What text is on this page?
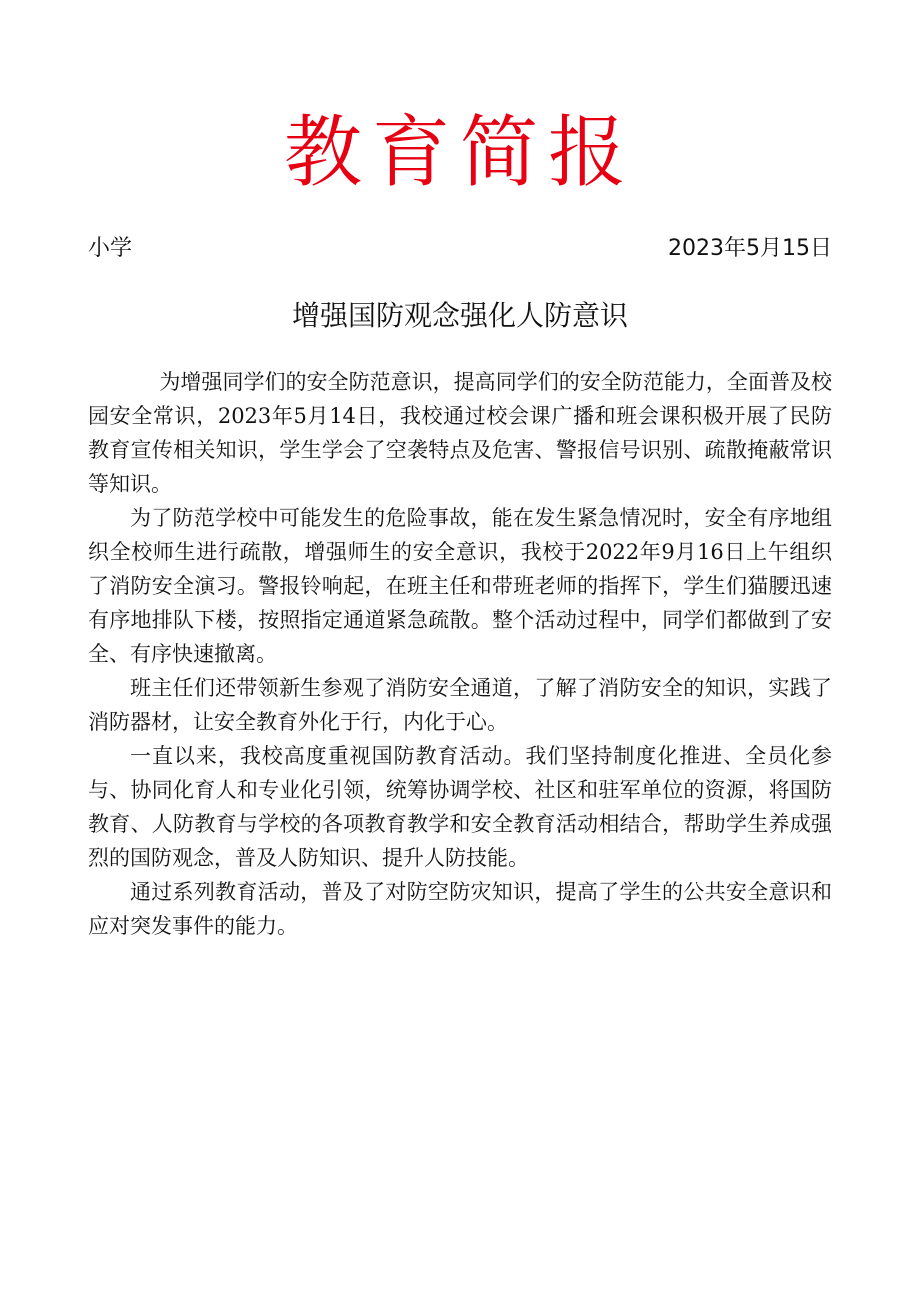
教育简报
小学	2023年5月15日
增强国防观念强化人防意识

为增强同学们的安全防范意识，提高同学们的安全防范能力，全面普及校园安全常识，2023年5月14日，我校通过校会课广播和班会课积极开展了民防教育宣传相关知识，学生学会了空袭特点及危害、警报信号识别、疏散掩蔽常识等知识。

为了防范学校中可能发生的危险事故，能在发生紧急情况时，安全有序地组织全校师生进行疏散，增强师生的安全意识，我校于2022年9月16日上午组织了消防安全演习。警报铃响起，在班主任和带班老师的指挥下，学生们猫腰迅速有序地排队下楼，按照指定通道紧急疏散。整个活动过程中，同学们都做到了安全、有序快速撤离。

班主任们还带领新生参观了消防安全通道，了解了消防安全的知识，实践了消防器材，让安全教育外化于行，内化于心。

一直以来，我校高度重视国防教育活动。我们坚持制度化推进、全员化参与、协同化育人和专业化引领，统筹协调学校、社区和驻军单位的资源，将国防教育、人防教育与学校的各项教育教学和安全教育活动相结合，帮助学生养成强烈的国防观念，普及人防知识、提升人防技能。

通过系列教育活动，普及了对防空防灾知识，提高了学生的公共安全意识和应对突发事件的能力。
